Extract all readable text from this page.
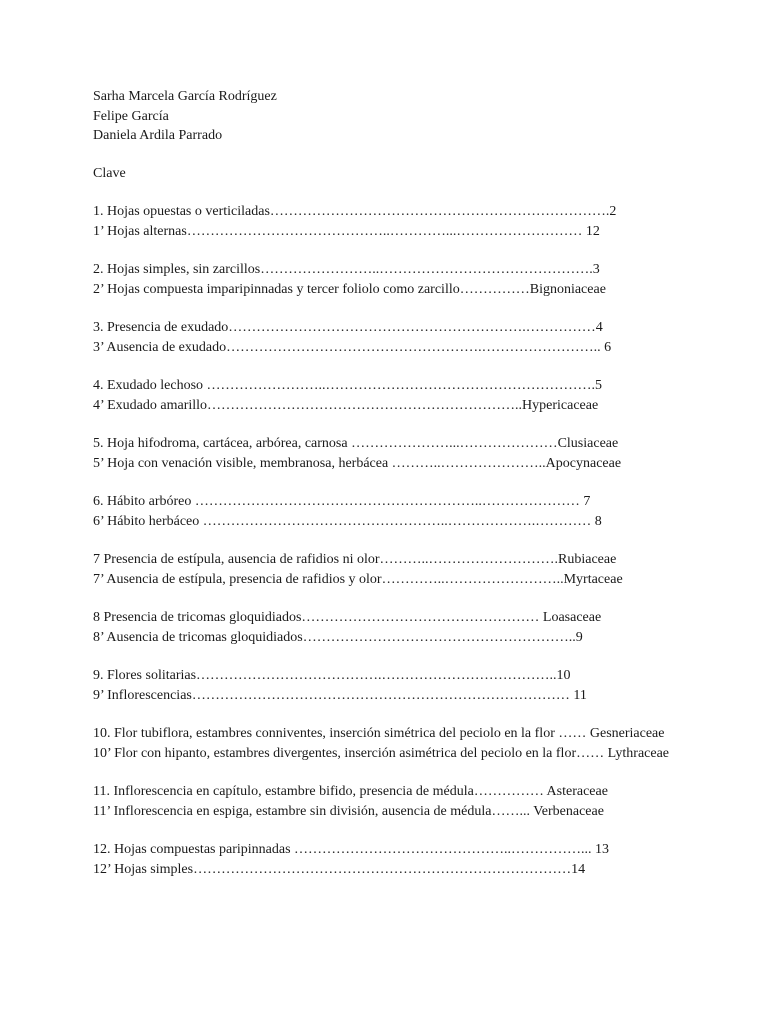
Sarha Marcela García Rodríguez
Felipe García
Daniela Ardila Parrado
Clave
1. Hojas opuestas o verticiladas……………………………………………………………….2
1’ Hojas alternas……………………………………..…………...……………………… 12
2. Hojas simples, sin zarcillos……………………..……………………………………….3
2’ Hojas compuesta imparipinnadas y tercer foliolo como zarcillo……………Bignoniaceae
3. Presencia de exudado……………………………………………………….……………4
3’ Ausencia de exudado……………………………………………….…………………….. 6
4. Exudado lechoso ……………………..………………………………………………….5
4’ Exudado amarillo…………………………………………………………..Hypericaceae
5. Hoja hifodroma, cartácea, arbórea, carnosa …………………...…………………Clusiaceae
5’ Hoja con venación visible, membranosa, herbácea ………..…………………..Apocynaceae
6. Hábito arbóreo ……………………………………………………..………………… 7
6’ Hábito herbáceo ……………………………………………..……………….………… 8
7 Presencia de estípula, ausencia de rafidios ni olor………..……………………….Rubiaceae
7’ Ausencia de estípula, presencia de rafidios y olor…………..……………………..Myrtaceae
8 Presencia de tricomas gloquidiados…………………………………………… Loasaceae
8’ Ausencia de tricomas gloquidiados…………………………………………………..9
9. Flores solitarias………………………………….………………………………..10
9’ Inflorescencias……………………………………………………………………… 11
10. Flor tubiflora, estambres conniventes, inserción simétrica del peciolo en la flor …… Gesneriaceae
10’ Flor con hipanto, estambres divergentes, inserción asimétrica del peciolo en la flor…… Lythraceae
11. Inflorescencia en capítulo, estambre bifido, presencia de médula…………… Asteraceae
11’ Inflorescencia en espiga, estambre sin división, ausencia de médula……... Verbenaceae
12. Hojas compuestas paripinnadas ………………………………………..……………... 13
12’ Hojas simples………………………………………………………………………14
